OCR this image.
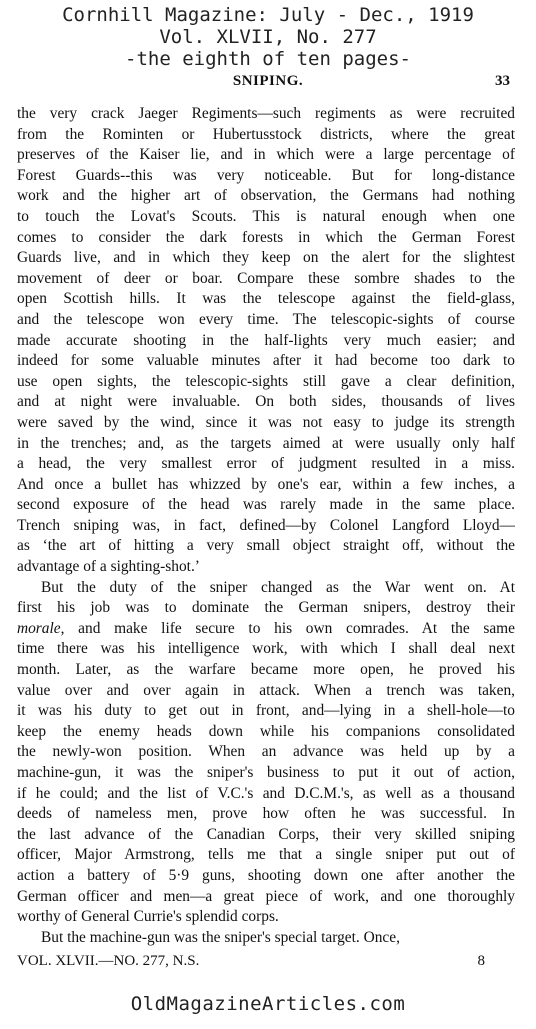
Cornhill Magazine: July - Dec., 1919
Vol. XLVII, No. 277
-the eighth of ten pages-
SNIPING.	33

the very crack Jaeger Regiments—such regiments as were recruited
from the Rominten or Hubertusstock districts, where the great
preserves of the Kaiser lie, and in which were a large percentage of
Forest Guards--this was very noticeable. But for long-distance
work and the higher art of observation, the Germans had nothing
to touch the Lovat's Scouts. This is natural enough when one
comes to consider the dark forests in which the German Forest
Guards live, and in which they keep on the alert for the slightest
movement of deer or boar. Compare these sombre shades to the
open Scottish hills. It was the telescope against the field-glass,
and the telescope won every time. The telescopic-sights of course
made accurate shooting in the half-lights very much easier; and
indeed for some valuable minutes after it had become too dark to
use open sights, the telescopic-sights still gave a clear definition,
and at night were invaluable. On both sides, thousands of lives
were saved by the wind, since it was not easy to judge its strength
in the trenches; and, as the targets aimed at were usually only half
a head, the very smallest error of judgment resulted in a miss.
And once a bullet has whizzed by one's ear, within a few inches, a
second exposure of the head was rarely made in the same place.
Trench sniping was, in fact, defined—by Colonel Langford Lloyd—
as ‘the art of hitting a very small object straight off, without the
advantage of a sighting-shot.’

But the duty of the sniper changed as the War went on. At
first his job was to dominate the German snipers, destroy their
morale, and make life secure to his own comrades. At the same
time there was his intelligence work, with which I shall deal next
month. Later, as the warfare became more open, he proved his
value over and over again in attack. When a trench was taken,
it was his duty to get out in front, and—lying in a shell-hole—to
keep the enemy heads down while his companions consolidated
the newly-won position. When an advance was held up by a
machine-gun, it was the sniper's business to put it out of action,
if he could; and the list of V.C.'s and D.C.M.'s, as well as a thousand
deeds of nameless men, prove how often he was successful. In
the last advance of the Canadian Corps, their very skilled sniping
officer, Major Armstrong, tells me that a single sniper put out of
action a battery of 5·9 guns, shooting down one after another the
German officer and men—a great piece of work, and one thoroughly
worthy of General Currie's splendid corps.

But the machine-gun was the sniper's special target. Once,

VOL. XLVII.—NO. 277, N.S.	8
OldMagazineArticles.com
